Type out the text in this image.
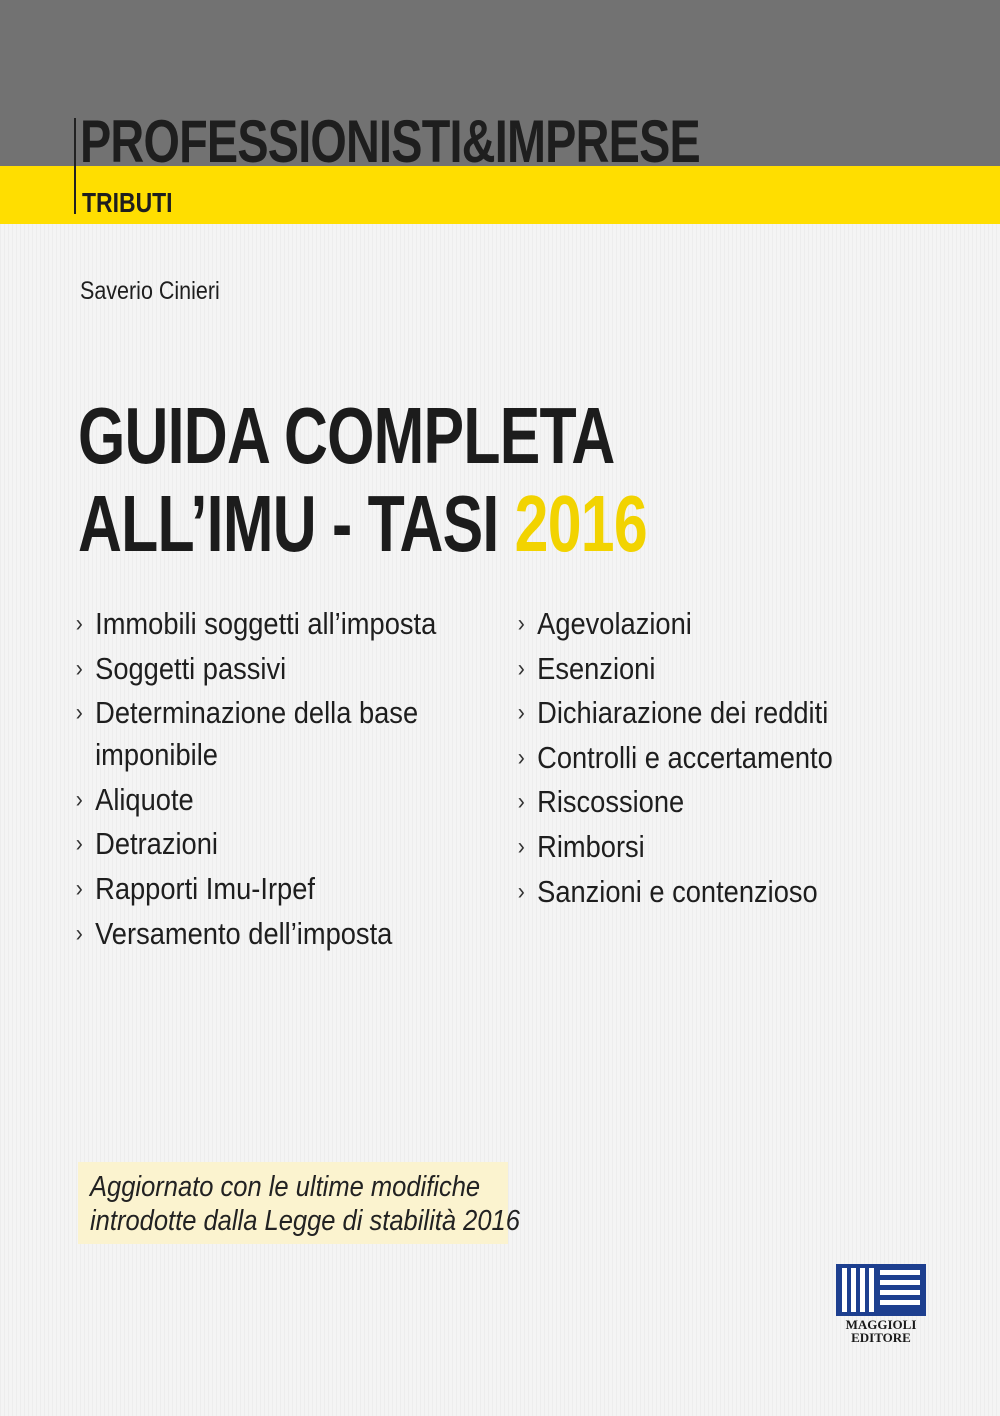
PROFESSIONISTI&IMPRESE
TRIBUTI
Saverio Cinieri
GUIDA COMPLETA
ALL’IMU - TASI 2016
› Immobili soggetti all’imposta
› Soggetti passivi
› Determinazione della base imponibile
› Aliquote
› Detrazioni
› Rapporti Imu-Irpef
› Versamento dell’imposta
› Agevolazioni
› Esenzioni
› Dichiarazione dei redditi
› Controlli e accertamento
› Riscossione
› Rimborsi
› Sanzioni e contenzioso
Aggiornato con le ultime modifiche
introdotte dalla Legge di stabilità 2016
MAGGIOLI
EDITORE
